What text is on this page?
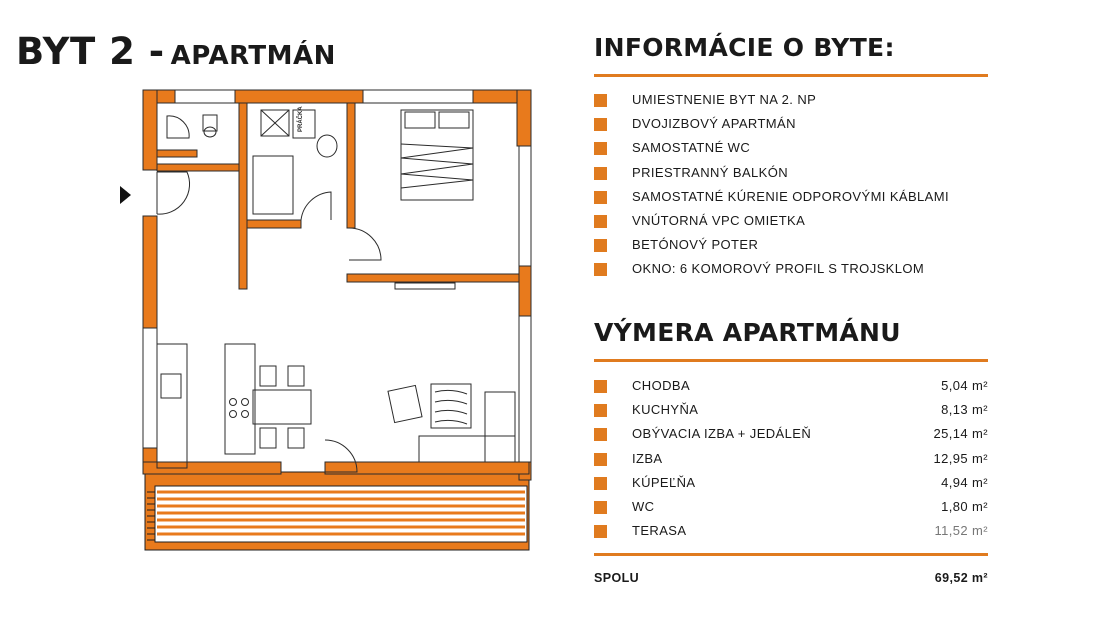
BYT 2 - APARTMÁN
PRÁČKA
INFORMÁCIE O BYTE:
UMIESTNENIE BYT NA 2. NP
DVOJIZBOVÝ APARTMÁN
SAMOSTATNÉ WC
PRIESTRANNÝ BALKÓN
SAMOSTATNÉ KÚRENIE ODPOROVÝMI KÁBLAMI
VNÚTORNÁ VPC OMIETKA
BETÓNOVÝ POTER
OKNO: 6 KOMOROVÝ PROFIL S TROJSKLOM
VÝMERA APARTMÁNU
CHODBA	5,04 m²
KUCHYŇA	8,13 m²
OBÝVACIA IZBA + JEDÁLEŇ	25,14 m²
IZBA	12,95 m²
KÚPEĽŇA	4,94 m²
WC	1,80 m²
TERASA	11,52 m²
SPOLU	69,52 m²
